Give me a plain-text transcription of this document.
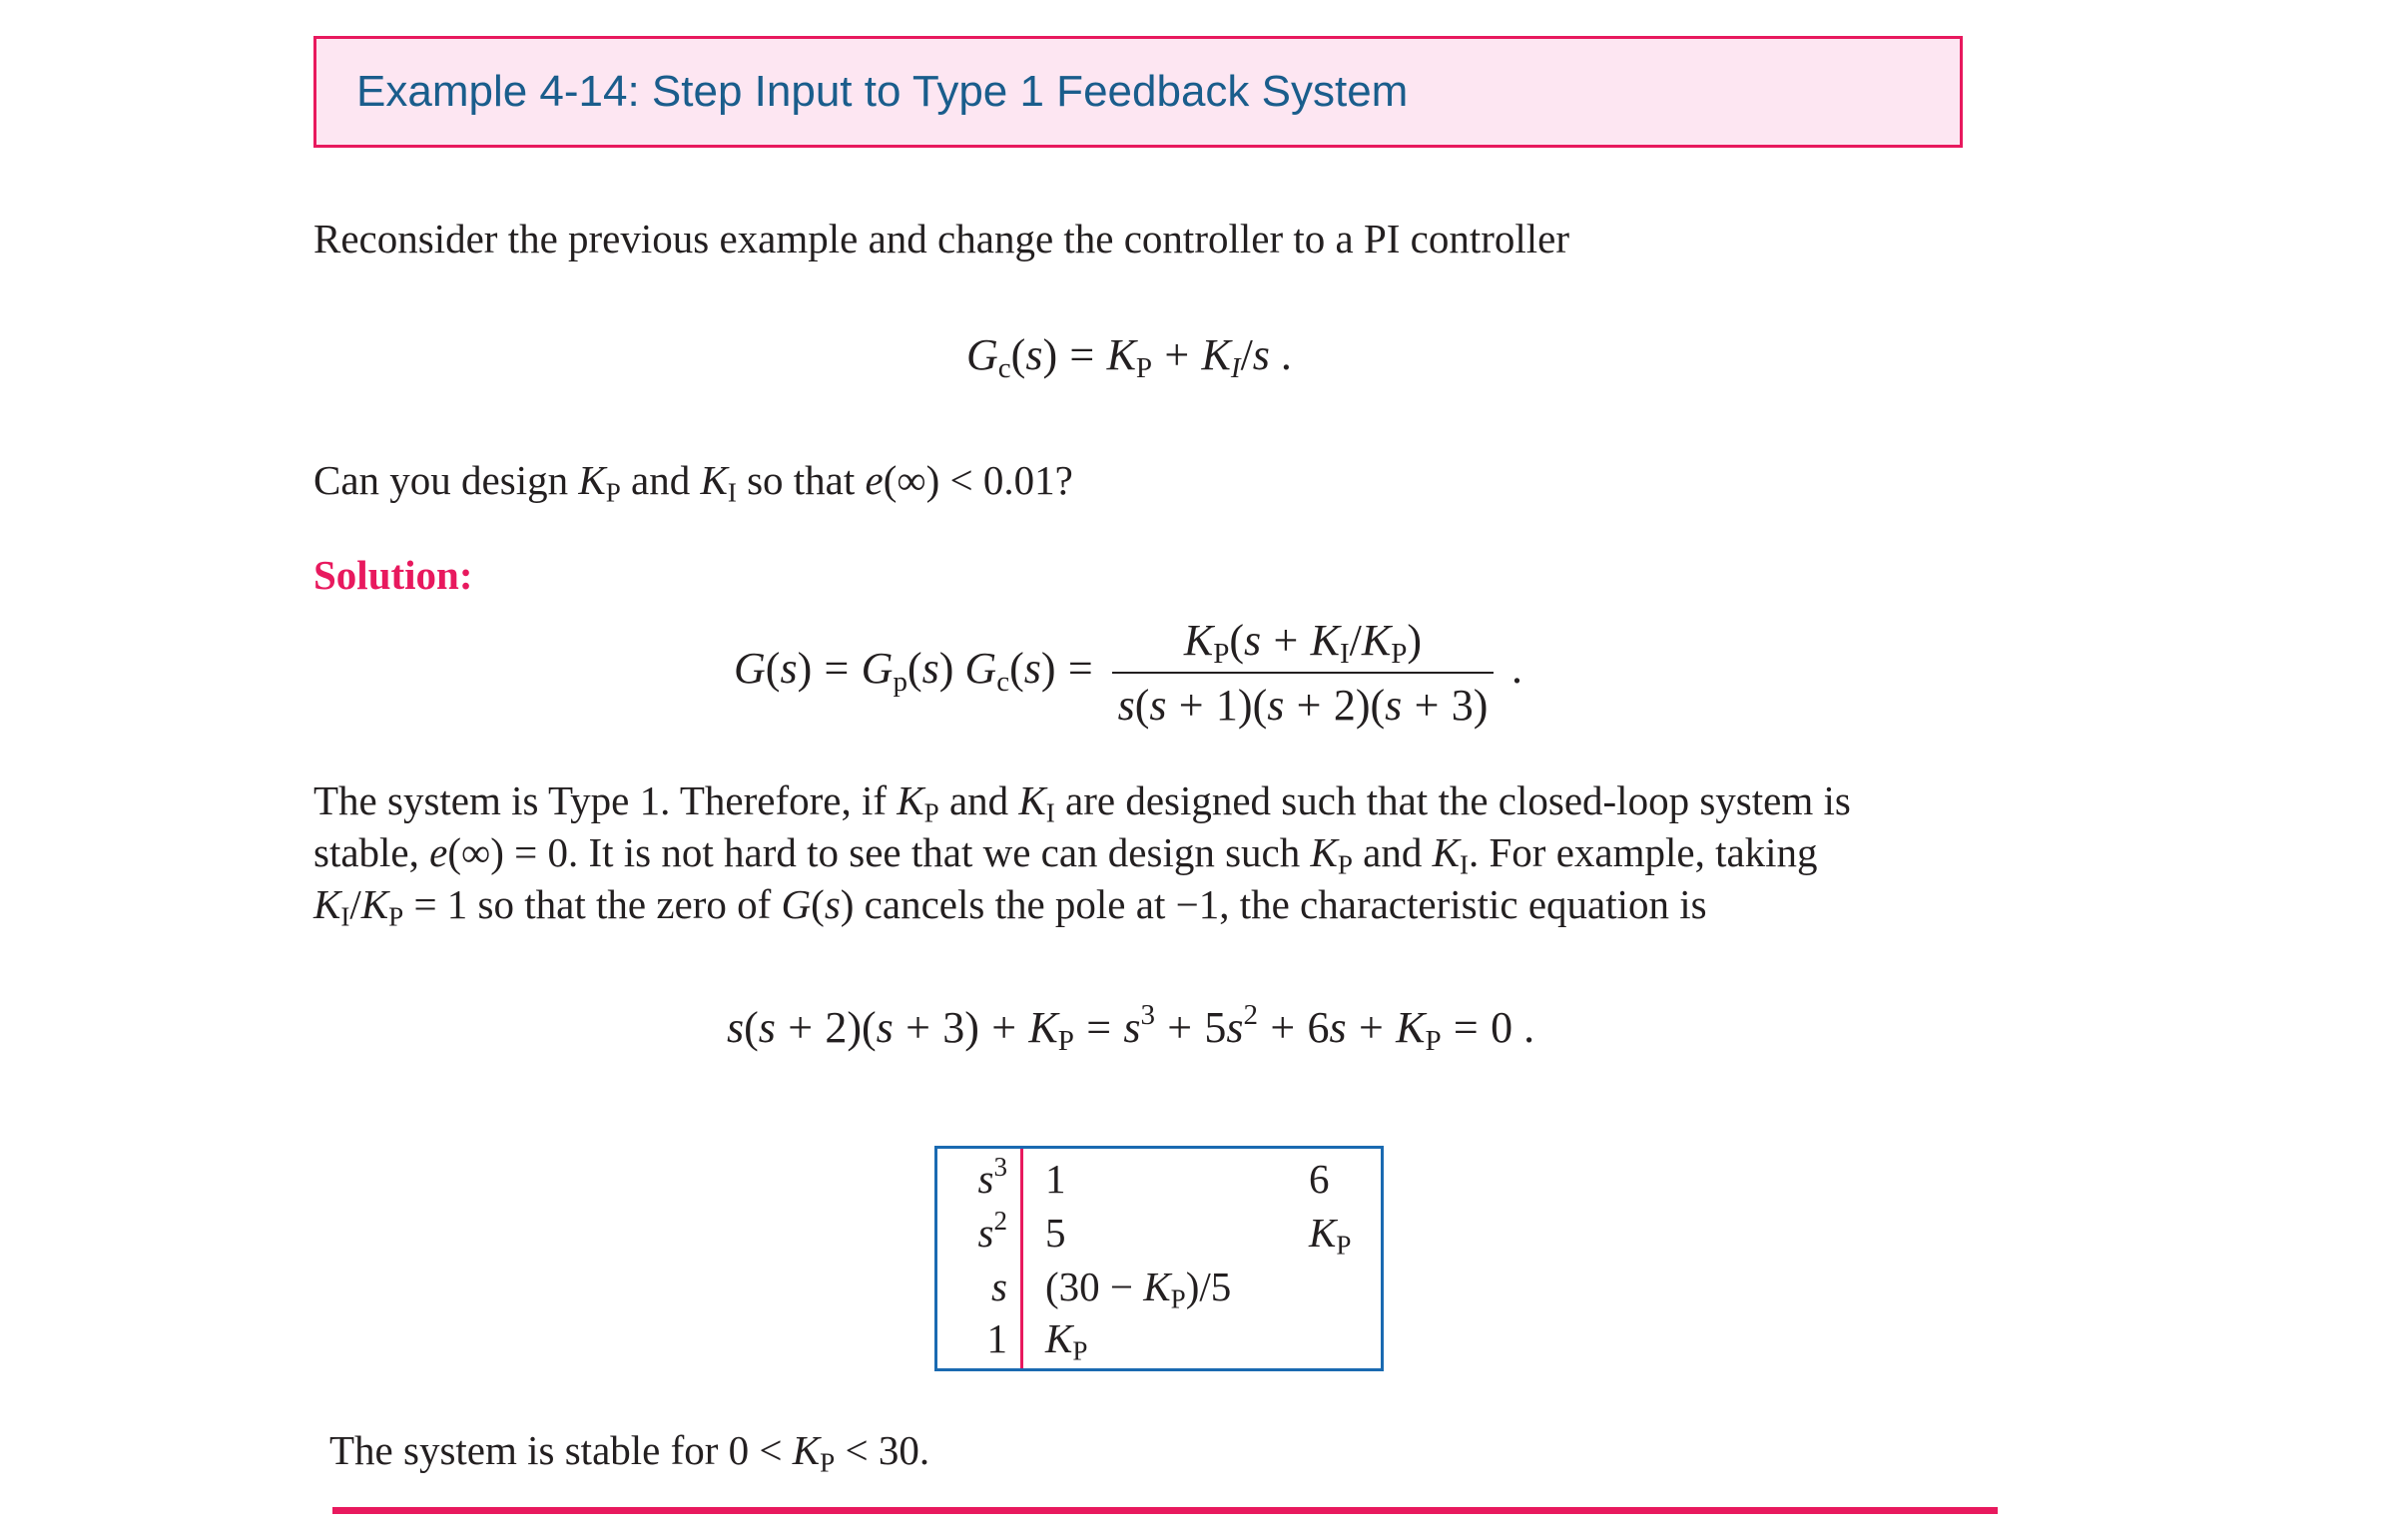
Example 4-14: Step Input to Type 1 Feedback System
Reconsider the previous example and change the controller to a PI controller
$G_c(s) = K_P + KI/s$ .
Can you design $K_P$ and $K_I$ so that e(∞) < 0.01?
Solution:
$G(s) = G_p(s) G_c(s) = \frac{K_P(s + K_I/K_P)}{s(s + 1)(s + 2)(s + 3)}$ .
The system is Type 1. Therefore, if $K_P$ and $K_I$ are designed such that the closed-loop system is
stable, e(∞) = 0. It is not hard to see that we can design such $K_P$ and $K_I$. For example, taking
$K_I/K_P = 1$ so that the zero of G(s) cancels the pole at −1, the characteristic equation is
$s(s + 2)(s + 3) + K_P = s^3 + 5s^2 + 6s + K_P = 0$ .
$s^3$ 1	6
$s^2$ 5	$K_P$
s $(30 - K_P)/5$
1 $K_P$
The system is stable for $0 < K_P < 30$.
